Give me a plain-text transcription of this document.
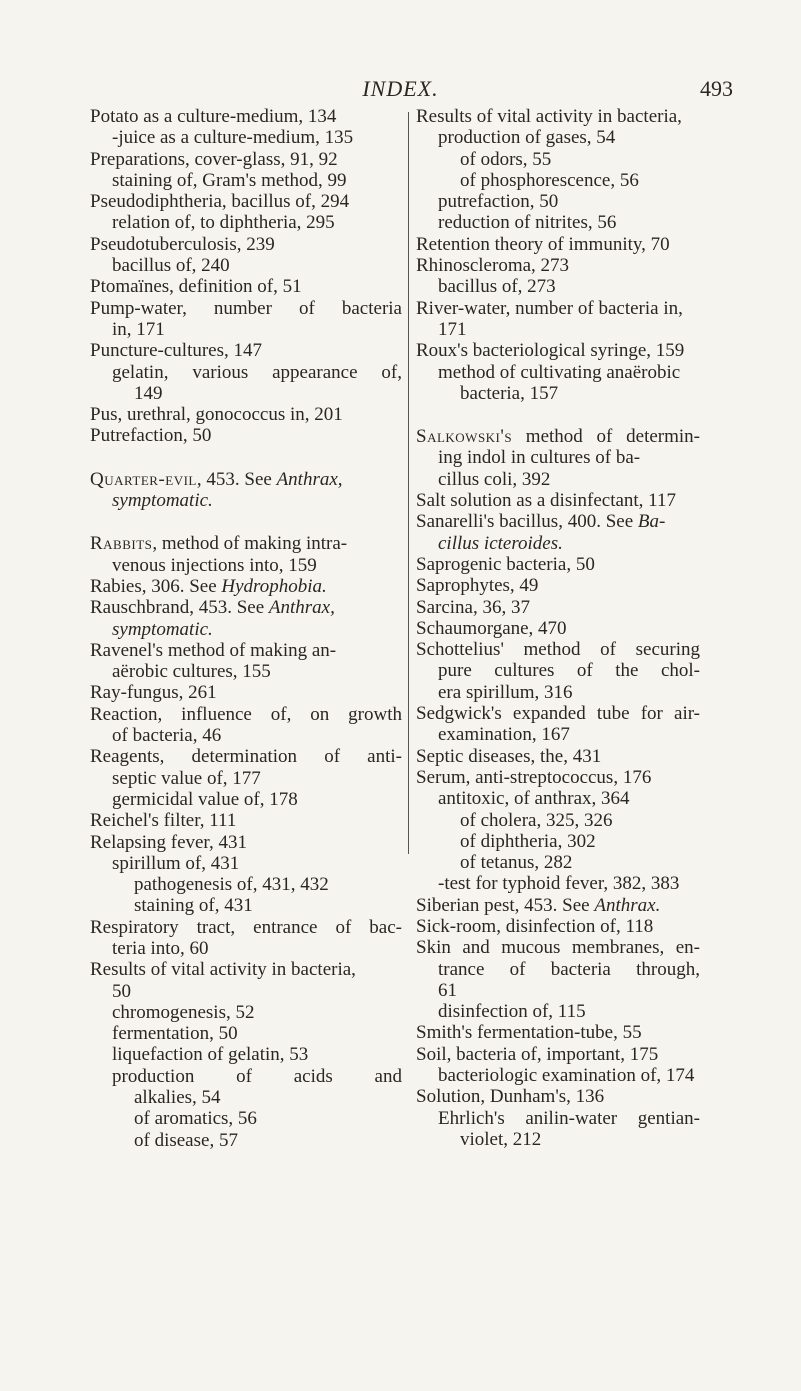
INDEX.	493
Potato as a culture-medium, 134
-juice as a culture-medium, 135
Preparations, cover-glass, 91, 92
staining of, Gram's method, 99
Pseudodiphtheria, bacillus of, 294
relation of, to diphtheria, 295
Pseudotuberculosis, 239
bacillus of, 240
Ptomaïnes, definition of, 51
Pump-water, number of bacteria
in, 171
Puncture-cultures, 147
gelatin, various appearance of,
149
Pus, urethral, gonococcus in, 201
Putrefaction, 50
Quarter-evil, 453. See Anthrax,
symptomatic.
Rabbits, method of making intra-
venous injections into, 159
Rabies, 306. See Hydrophobia.
Rauschbrand, 453. See Anthrax,
symptomatic.
Ravenel's method of making an-
aërobic cultures, 155
Ray-fungus, 261
Reaction, influence of, on growth
of bacteria, 46
Reagents, determination of anti-
septic value of, 177
germicidal value of, 178
Reichel's filter, 111
Relapsing fever, 431
spirillum of, 431
pathogenesis of, 431, 432
staining of, 431
Respiratory tract, entrance of bac-
teria into, 60
Results of vital activity in bacteria,
50
chromogenesis, 52
fermentation, 50
liquefaction of gelatin, 53
production of acids and
alkalies, 54
of aromatics, 56
of disease, 57
Results of vital activity in bacteria,
production of gases, 54
of odors, 55
of phosphorescence, 56
putrefaction, 50
reduction of nitrites, 56
Retention theory of immunity, 70
Rhinoscleroma, 273
bacillus of, 273
River-water, number of bacteria in,
171
Roux's bacteriological syringe, 159
method of cultivating anaërobic
bacteria, 157
Salkowski's method of determin-
ing indol in cultures of ba-
cillus coli, 392
Salt solution as a disinfectant, 117
Sanarelli's bacillus, 400. See Ba-
cillus icteroides.
Saprogenic bacteria, 50
Saprophytes, 49
Sarcina, 36, 37
Schaumorgane, 470
Schottelius' method of securing
pure cultures of the chol-
era spirillum, 316
Sedgwick's expanded tube for air-
examination, 167
Septic diseases, the, 431
Serum, anti-streptococcus, 176
antitoxic, of anthrax, 364
of cholera, 325, 326
of diphtheria, 302
of tetanus, 282
-test for typhoid fever, 382, 383
Siberian pest, 453. See Anthrax.
Sick-room, disinfection of, 118
Skin and mucous membranes, en-
trance of bacteria through,
61
disinfection of, 115
Smith's fermentation-tube, 55
Soil, bacteria of, important, 175
bacteriologic examination of, 174
Solution, Dunham's, 136
Ehrlich's anilin-water gentian-
violet, 212
